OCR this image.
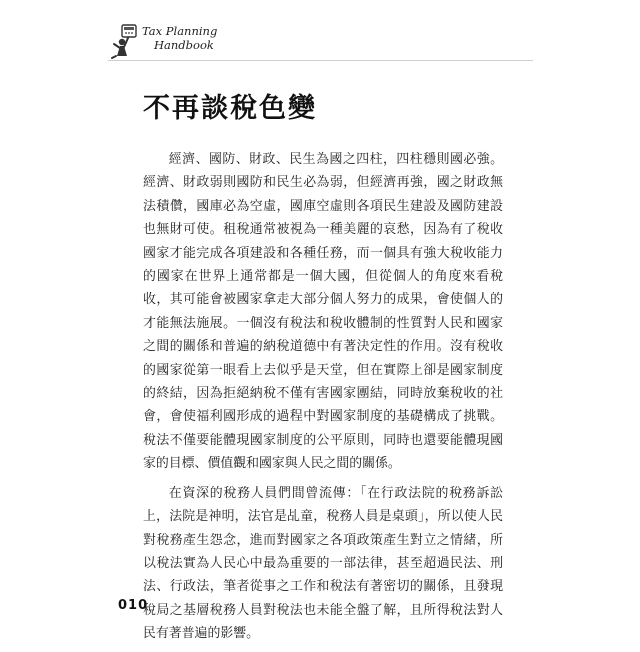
Tax Planning
Handbook
不再談稅色變

經濟、國防、財政、民生為國之四柱，四柱穩則國必強。經濟、財政弱則國防和民生必為弱，但經濟再強，國之財政無法積儹，國庫必為空虛，國庫空虛則各項民生建設及國防建設也無財可使。租稅通常被視為一種美麗的哀愁，因為有了稅收國家才能完成各項建設和各種任務，而一個具有強大稅收能力的國家在世界上通常都是一個大國，但從個人的角度來看稅收，其可能會被國家拿走大部分個人努力的成果，會使個人的才能無法施展。一個沒有稅法和稅收體制的性質對人民和國家之間的關係和普遍的納稅道德中有著決定性的作用。沒有稅收的國家從第一眼看上去似乎是天堂，但在實際上卻是國家制度的終結，因為拒絕納稅不僅有害國家團結，同時放棄稅收的社會，會使福利國形成的過程中對國家制度的基礎構成了挑戰。稅法不僅要能體現國家制度的公平原則，同時也還要能體現國家的目標、價值觀和國家與人民之間的關係。

在資深的稅務人員們間曾流傳：「在行政法院的稅務訴訟上，法院是神明，法官是乩童，稅務人員是桌頭」，所以使人民對稅務產生怨念，進而對國家之各項政策產生對立之情緒，所以稅法實為人民心中最為重要的一部法律，甚至超過民法、刑法、行政法，筆者從事之工作和稅法有著密切的關係，且發現稅局之基層稅務人員對稅法也未能全盤了解，且所得稅法對人民有著普遍的影響。

010
